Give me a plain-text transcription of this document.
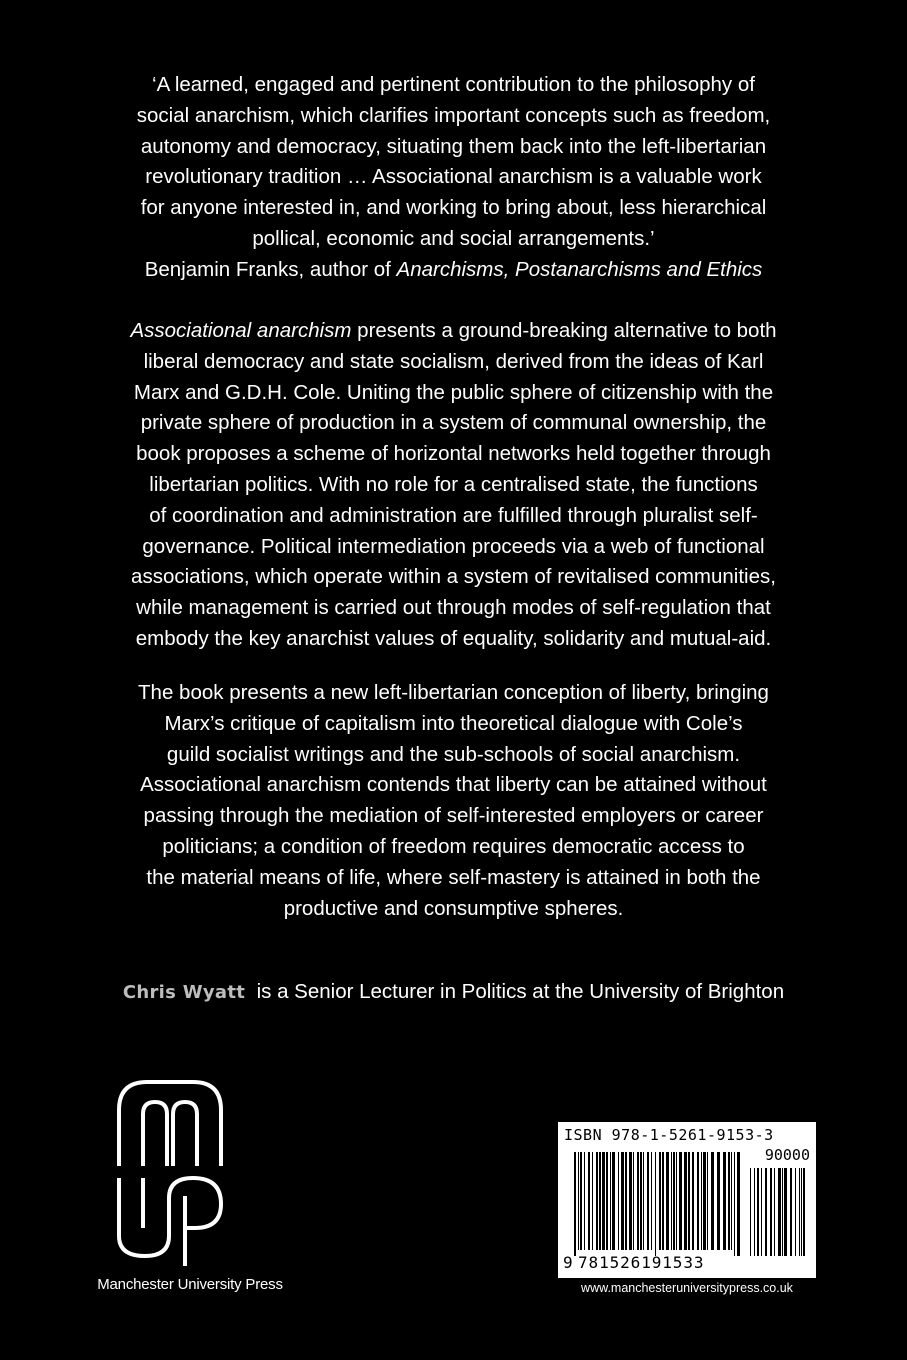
‘A learned, engaged and pertinent contribution to the philosophy of

social anarchism, which clarifies important concepts such as freedom,

autonomy and democracy, situating them back into the left-libertarian

revolutionary tradition … Associational anarchism is a valuable work

for anyone interested in, and working to bring about, less hierarchical

pollical, economic and social arrangements.’

Benjamin Franks, author of Anarchisms, Postanarchisms and Ethics

Associational anarchism presents a ground-breaking alternative to both

liberal democracy and state socialism, derived from the ideas of Karl

Marx and G.D.H. Cole. Uniting the public sphere of citizenship with the

private sphere of production in a system of communal ownership, the

book proposes a scheme of horizontal networks held together through

libertarian politics. With no role for a centralised state, the functions

of coordination and administration are fulfilled through pluralist self-

governance. Political intermediation proceeds via a web of functional

associations, which operate within a system of revitalised communities,

while management is carried out through modes of self-regulation that

embody the key anarchist values of equality, solidarity and mutual-aid.

The book presents a new left-libertarian conception of liberty, bringing

Marx’s critique of capitalism into theoretical dialogue with Cole’s

guild socialist writings and the sub-schools of social anarchism.

Associational anarchism contends that liberty can be attained without

passing through the mediation of self-interested employers or career

politicians; a condition of freedom requires democratic access to

the material means of life, where self-mastery is attained in both the

productive and consumptive spheres.

Chris Wyatt  is a Senior Lecturer in Politics at the University of Brighton
Manchester University Press
ISBN 978-1-5261-9153-3
90000
9 781526191533
www.manchesteruniversitypress.co.uk
